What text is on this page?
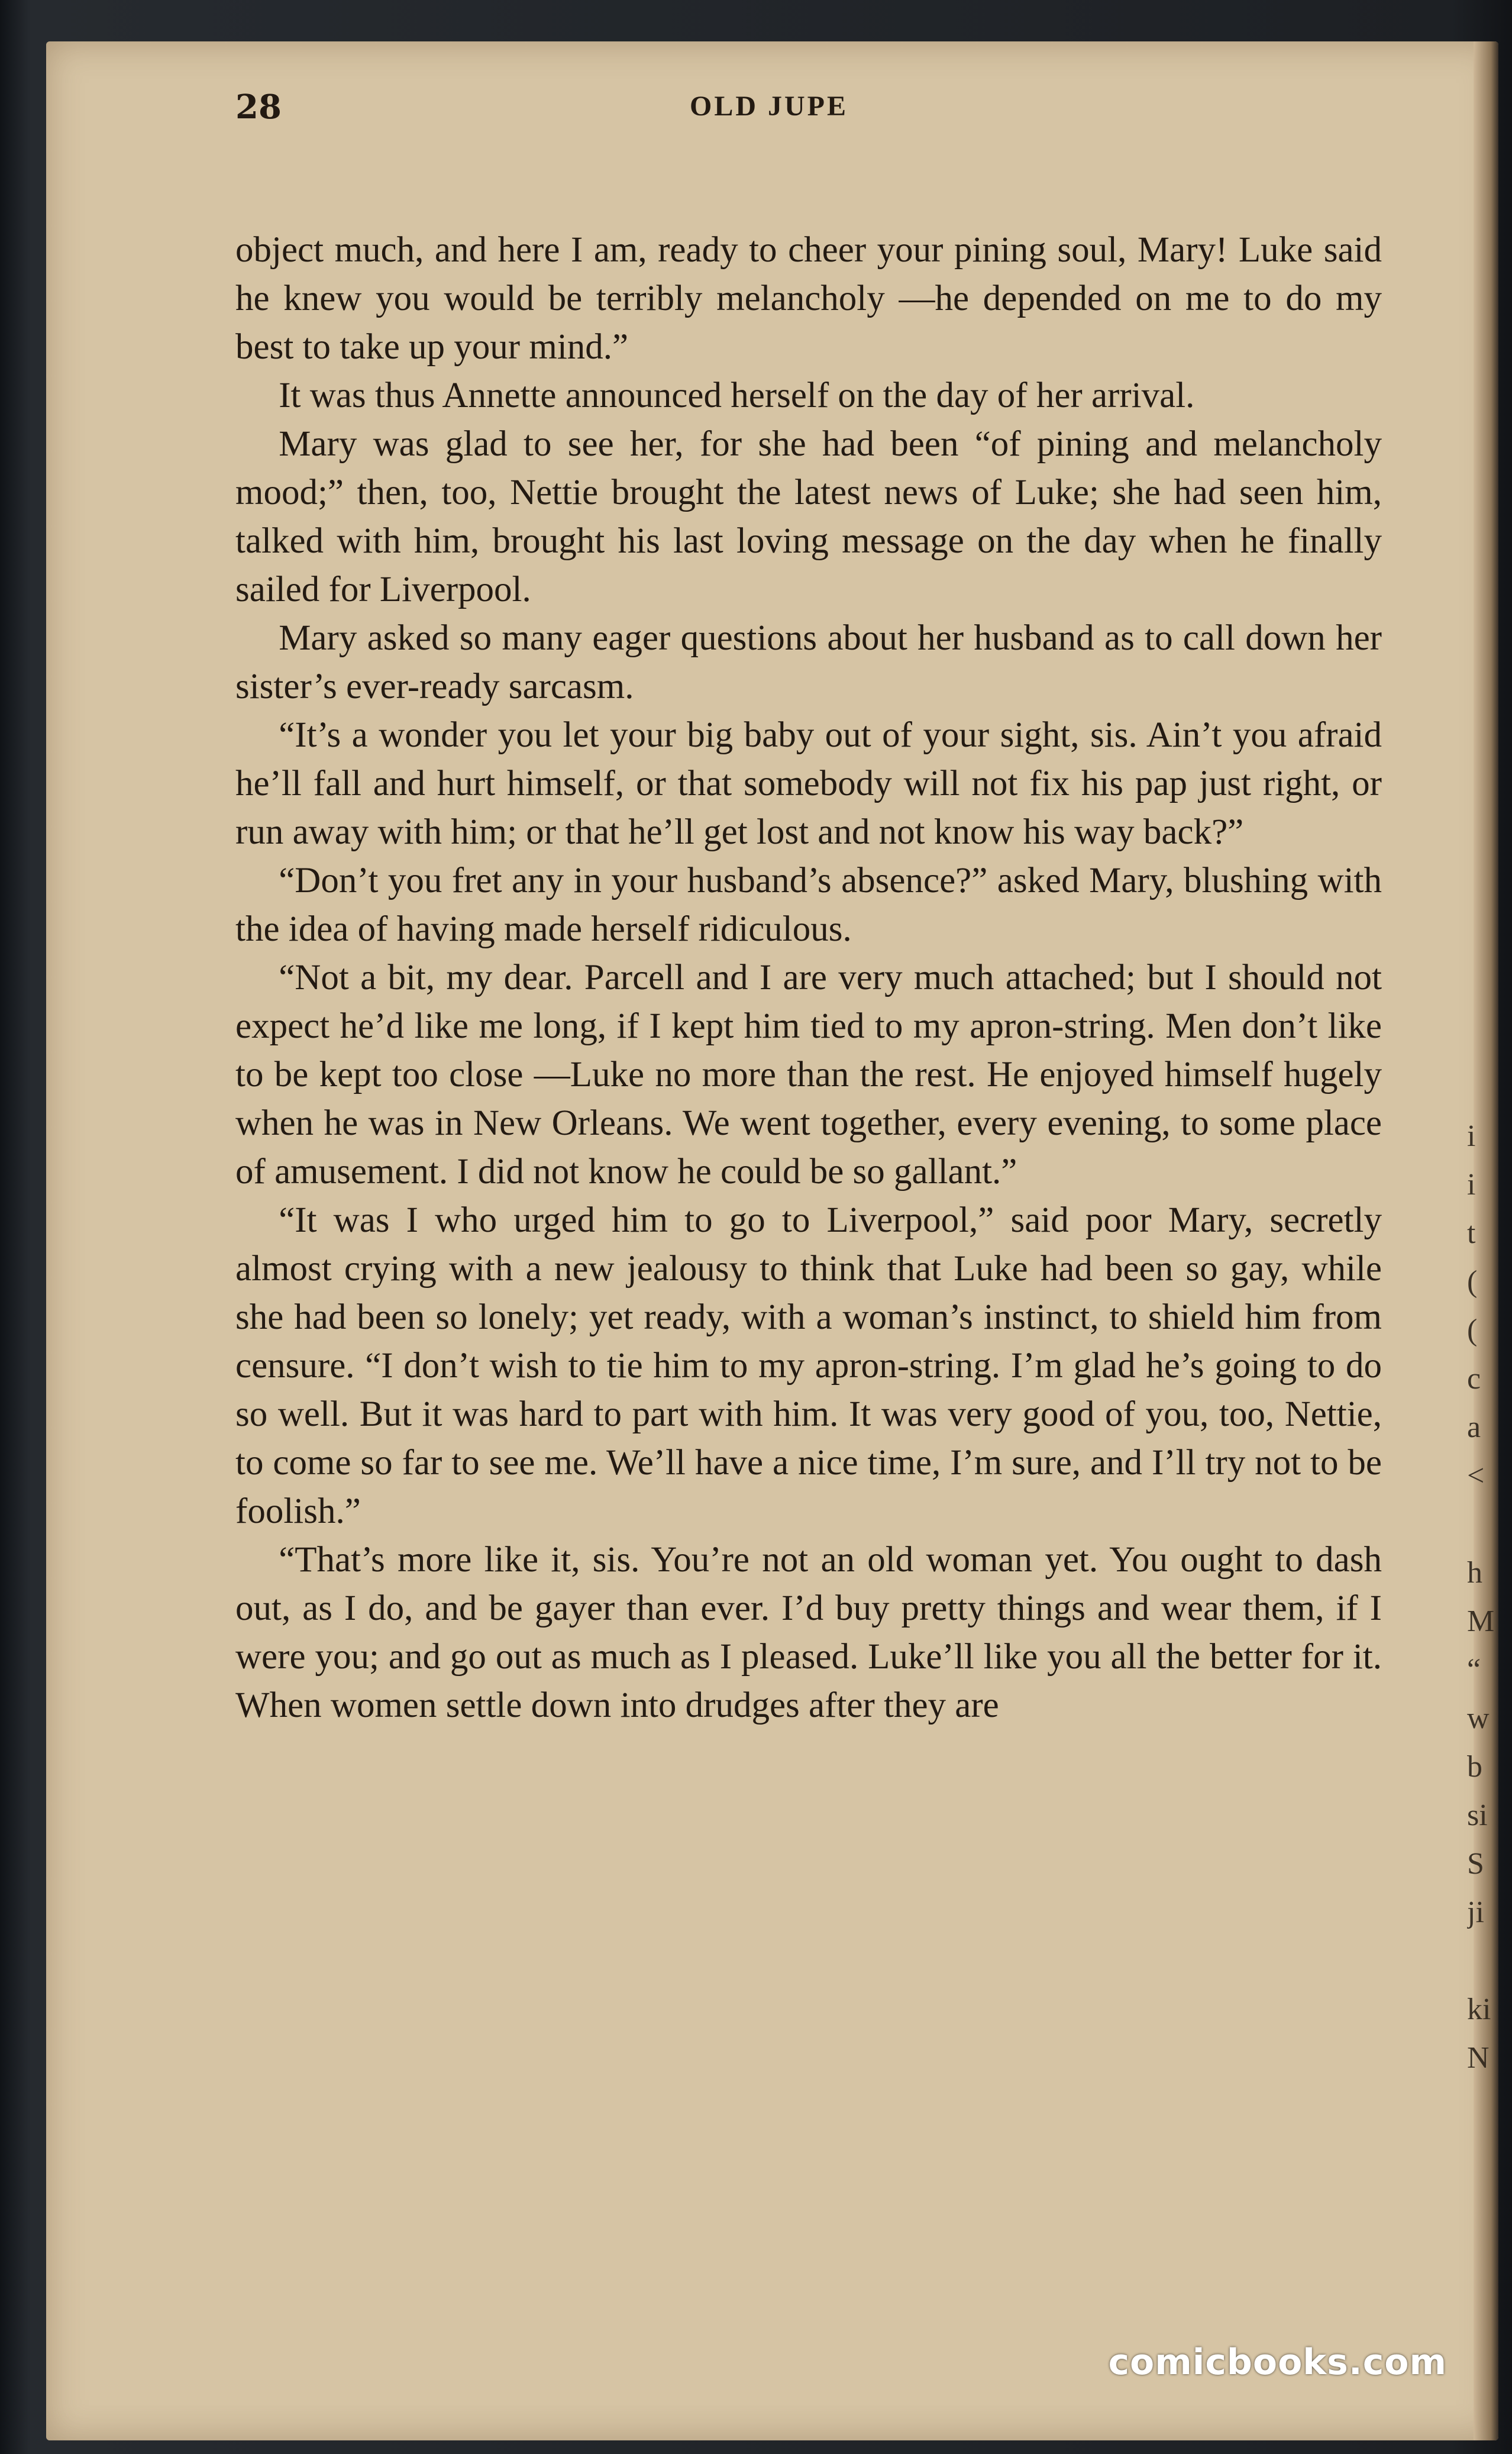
28	OLD JUPE

object much, and here I am, ready to cheer your pining soul, Mary! Luke said he knew you would be terribly melancholy —he depended on me to do my best to take up your mind.”

It was thus Annette announced herself on the day of her arrival.

Mary was glad to see her, for she had been “of pining and melancholy mood;” then, too, Nettie brought the latest news of Luke; she had seen him, talked with him, brought his last loving message on the day when he finally sailed for Liverpool.

Mary asked so many eager questions about her husband as to call down her sister’s ever-ready sarcasm.

“It’s a wonder you let your big baby out of your sight, sis. Ain’t you afraid he’ll fall and hurt himself, or that somebody will not fix his pap just right, or run away with him; or that he’ll get lost and not know his way back?”

“Don’t you fret any in your husband’s absence?” asked Mary, blushing with the idea of having made herself ridiculous.

“Not a bit, my dear. Parcell and I are very much attached; but I should not expect he’d like me long, if I kept him tied to my apron-string. Men don’t like to be kept too close —Luke no more than the rest. He enjoyed himself hugely when he was in New Orleans. We went together, every evening, to some place of amusement. I did not know he could be so gallant.”

“It was I who urged him to go to Liverpool,” said poor Mary, secretly almost crying with a new jealousy to think that Luke had been so gay, while she had been so lonely; yet ready, with a woman’s instinct, to shield him from censure. “I don’t wish to tie him to my apron-string. I’m glad he’s going to do so well. But it was hard to part with him. It was very good of you, too, Nettie, to come so far to see me. We’ll have a nice time, I’m sure, and I’ll try not to be foolish.”

“That’s more like it, sis. You’re not an old woman yet. You ought to dash out, as I do, and be gayer than ever. I’d buy pretty things and wear them, if I were you; and go out as much as I pleased. Luke’ll like you all the better for it. When women settle down into drudges after they are

i
i
t
(
(
c
a
<
h
M
“
w
b
si
S
ji
ki
N
comicbooks.com
